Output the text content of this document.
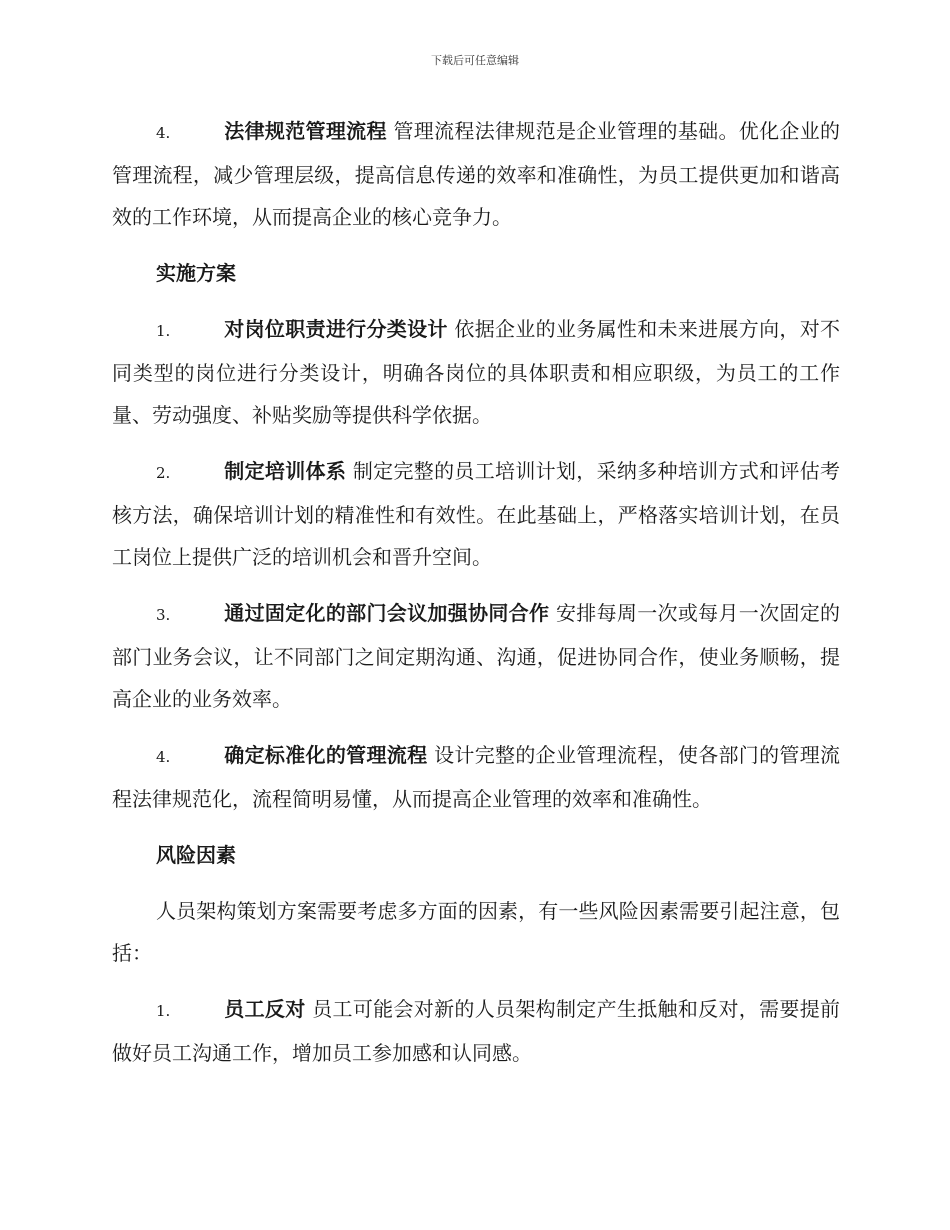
下载后可任意编辑

4.	法律规范管理流程 管理流程法律规范是企业管理的基础。优化企业的管理流程，减少管理层级，提高信息传递的效率和准确性，为员工提供更加和谐高效的工作环境，从而提高企业的核心竞争力。

实施方案

1.	对岗位职责进行分类设计 依据企业的业务属性和未来进展方向，对不同类型的岗位进行分类设计，明确各岗位的具体职责和相应职级，为员工的工作量、劳动强度、补贴奖励等提供科学依据。

2.	制定培训体系 制定完整的员工培训计划，采纳多种培训方式和评估考核方法，确保培训计划的精准性和有效性。在此基础上，严格落实培训计划，在员工岗位上提供广泛的培训机会和晋升空间。

3.	通过固定化的部门会议加强协同合作 安排每周一次或每月一次固定的部门业务会议，让不同部门之间定期沟通、沟通，促进协同合作，使业务顺畅，提高企业的业务效率。

4.	确定标准化的管理流程 设计完整的企业管理流程，使各部门的管理流程法律规范化，流程简明易懂，从而提高企业管理的效率和准确性。

风险因素

人员架构策划方案需要考虑多方面的因素，有一些风险因素需要引起注意，包括：

1.	员工反对 员工可能会对新的人员架构制定产生抵触和反对，需要提前做好员工沟通工作，增加员工参加感和认同感。
